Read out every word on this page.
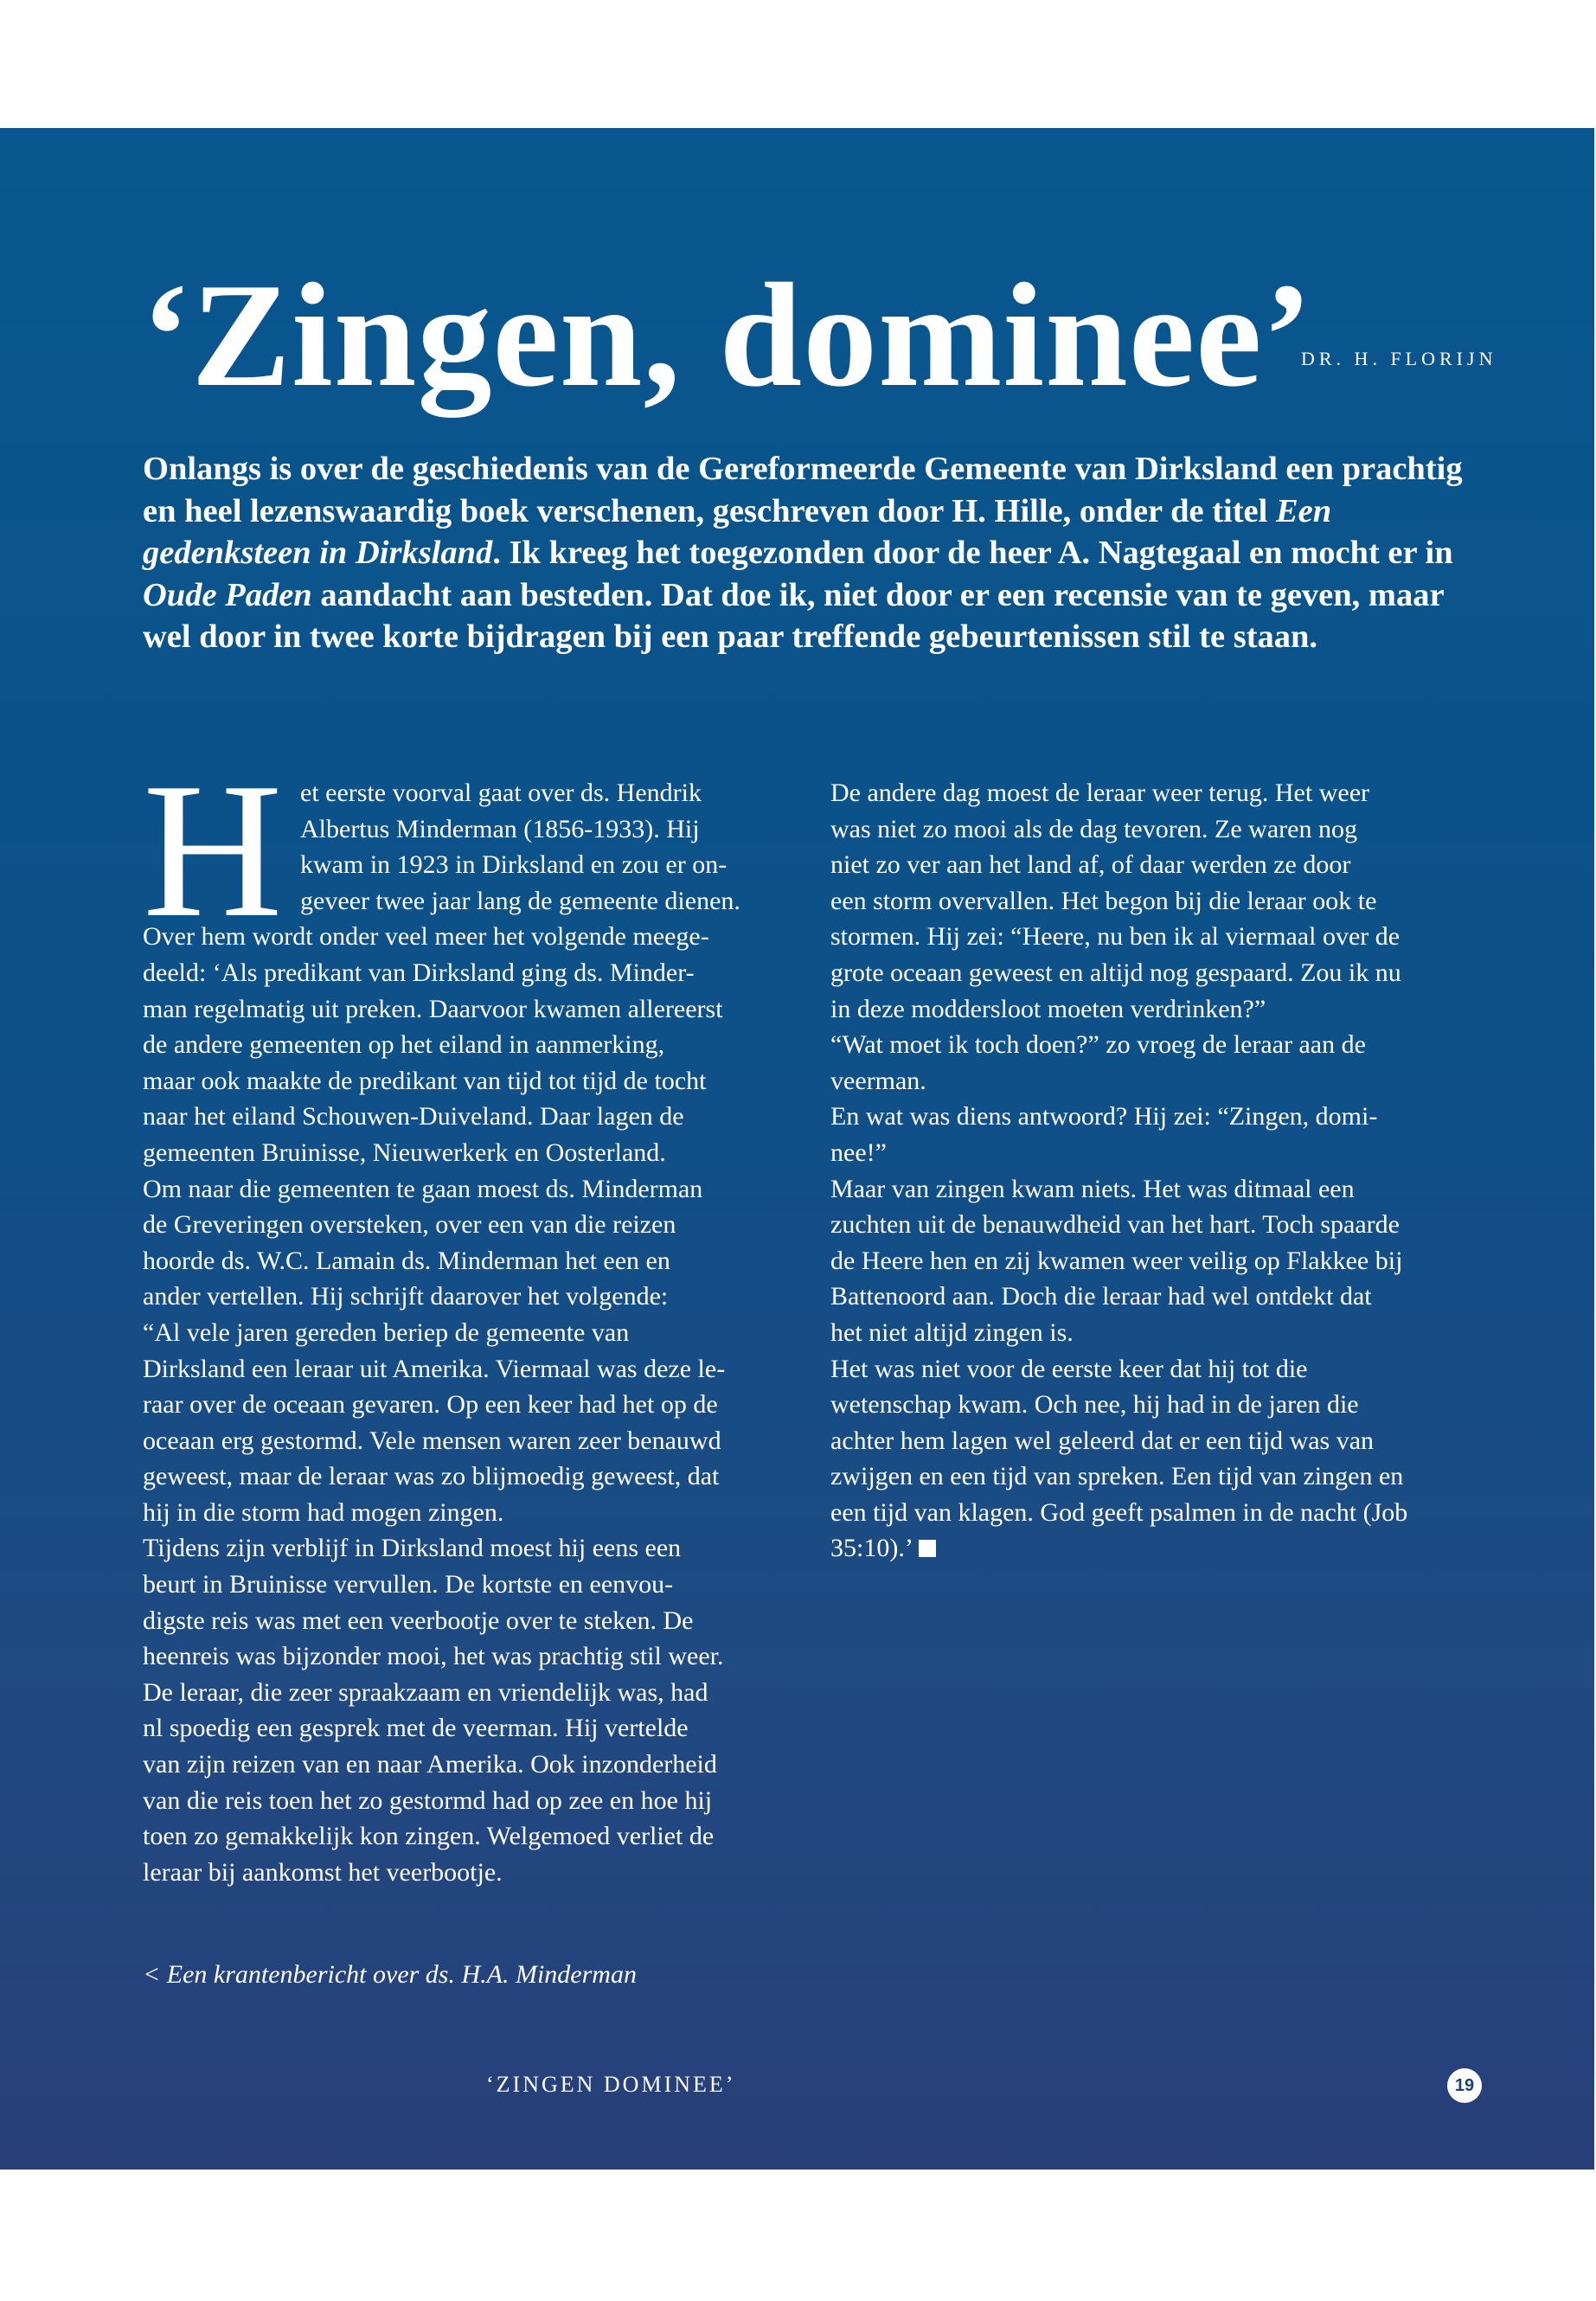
‘Zingen, dominee’
DR. H. FLORIJN

Onlangs is over de geschiedenis van de Gereformeerde Gemeente van Dirksland een prachtig en heel lezenswaardig boek verschenen, geschreven door H. Hille, onder de titel Een gedenksteen in Dirksland. Ik kreeg het toegezonden door de heer A. Nagtegaal en mocht er in Oude Paden aandacht aan besteden. Dat doe ik, niet door er een recensie van te geven, maar wel door in twee korte bijdragen bij een paar treffende gebeurtenissen stil te staan.

H et eerste voorval gaat over ds. Hendrik

Albertus Minderman (1856-1933). Hij

kwam in 1923 in Dirksland en zou er on-

geveer twee jaar lang de gemeente dienen.

Over hem wordt onder veel meer het volgende meege-

deeld: ‘Als predikant van Dirksland ging ds. Minder-

man regelmatig uit preken. Daarvoor kwamen allereerst

de andere gemeenten op het eiland in aanmerking,

maar ook maakte de predikant van tijd tot tijd de tocht

naar het eiland Schouwen-Duiveland. Daar lagen de

gemeenten Bruinisse, Nieuwerkerk en Oosterland.

Om naar die gemeenten te gaan moest ds. Minderman

de Greveringen oversteken, over een van die reizen

hoorde ds. W.C. Lamain ds. Minderman het een en

ander vertellen. Hij schrijft daarover het volgende:

“Al vele jaren gereden beriep de gemeente van

Dirksland een leraar uit Amerika. Viermaal was deze le-

raar over de oceaan gevaren. Op een keer had het op de

oceaan erg gestormd. Vele mensen waren zeer benauwd

geweest, maar de leraar was zo blijmoedig geweest, dat

hij in die storm had mogen zingen.

Tijdens zijn verblijf in Dirksland moest hij eens een

beurt in Bruinisse vervullen. De kortste en eenvou-

digste reis was met een veerbootje over te steken. De

heenreis was bijzonder mooi, het was prachtig stil weer.

De leraar, die zeer spraakzaam en vriendelijk was, had

nl spoedig een gesprek met de veerman. Hij vertelde

van zijn reizen van en naar Amerika. Ook inzonderheid

van die reis toen het zo gestormd had op zee en hoe hij

toen zo gemakkelijk kon zingen. Welgemoed verliet de

leraar bij aankomst het veerbootje.

De andere dag moest de leraar weer terug. Het weer

was niet zo mooi als de dag tevoren. Ze waren nog

niet zo ver aan het land af, of daar werden ze door

een storm overvallen. Het begon bij die leraar ook te

stormen. Hij zei: “Heere, nu ben ik al viermaal over de

grote oceaan geweest en altijd nog gespaard. Zou ik nu

in deze moddersloot moeten verdrinken?”

“Wat moet ik toch doen?” zo vroeg de leraar aan de

veerman.

En wat was diens antwoord? Hij zei: “Zingen, domi-

nee!”

Maar van zingen kwam niets. Het was ditmaal een

zuchten uit de benauwdheid van het hart. Toch spaarde

de Heere hen en zij kwamen weer veilig op Flakkee bij

Battenoord aan. Doch die leraar had wel ontdekt dat

het niet altijd zingen is.

Het was niet voor de eerste keer dat hij tot die

wetenschap kwam. Och nee, hij had in de jaren die

achter hem lagen wel geleerd dat er een tijd was van

zwijgen en een tijd van spreken. Een tijd van zingen en

een tijd van klagen. God geeft psalmen in de nacht (Job

35:10).’

< Een krantenbericht over ds. H.A. Minderman
‘ZINGEN DOMINEE’	19
